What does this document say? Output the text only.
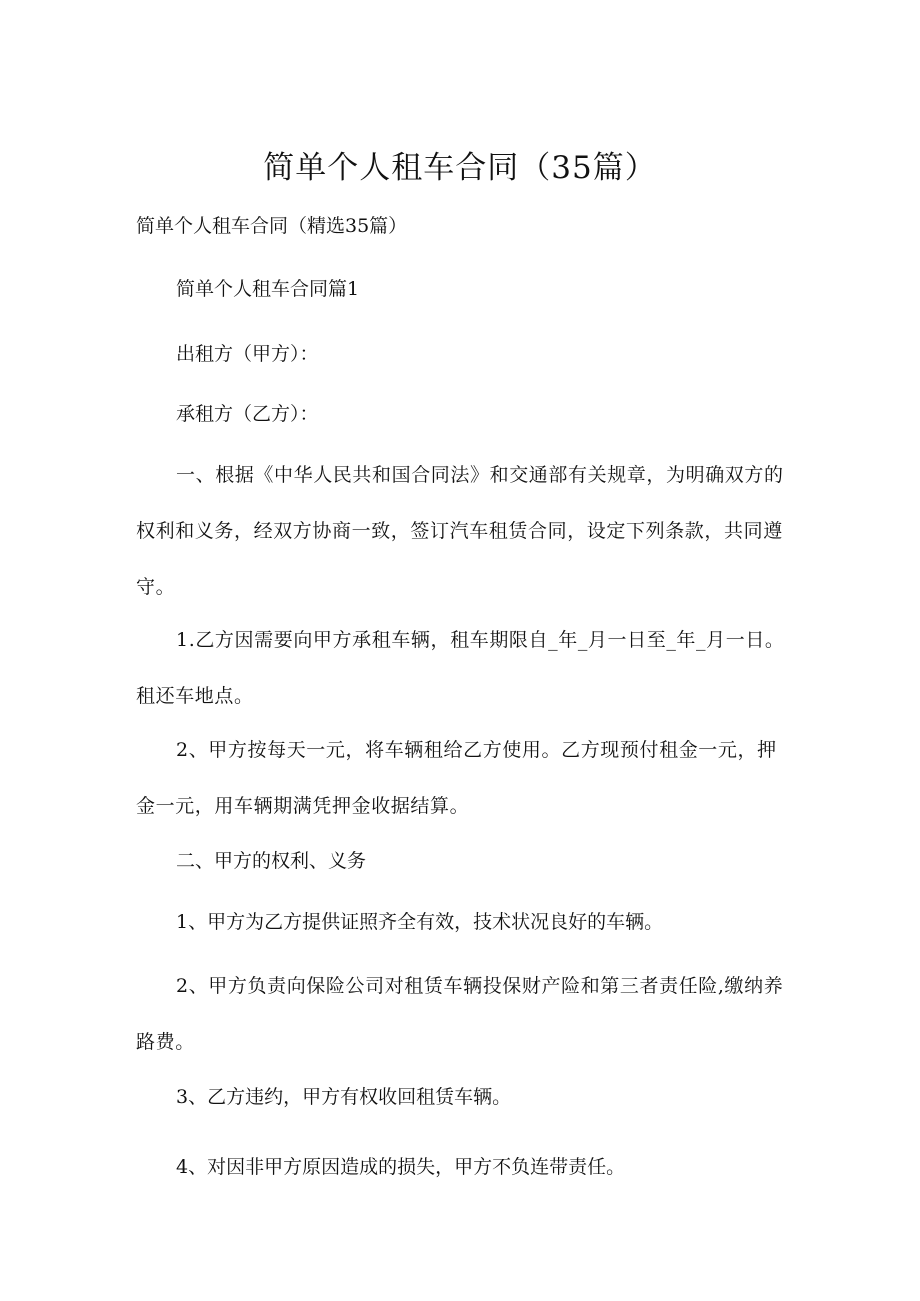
简单个人租车合同（35篇）
简单个人租车合同（精选35篇）
简单个人租车合同篇1
出租方（甲方）：
承租方（乙方）：
一、根据《中华人民共和国合同法》和交通部有关规章，为明确双方的权利和义务，经双方协商一致，签订汽车租赁合同，设定下列条款，共同遵守。
1.乙方因需要向甲方承租车辆，租车期限自_年_月一日至_年_月一日。租还车地点。
2、甲方按每天一元，将车辆租给乙方使用。乙方现预付租金一元，押金一元，用车辆期满凭押金收据结算。
二、甲方的权利、义务
1、甲方为乙方提供证照齐全有效，技术状况良好的车辆。
2、甲方负责向保险公司对租赁车辆投保财产险和第三者责任险,缴纳养路费。
3、乙方违约，甲方有权收回租赁车辆。
4、对因非甲方原因造成的损失，甲方不负连带责任。
